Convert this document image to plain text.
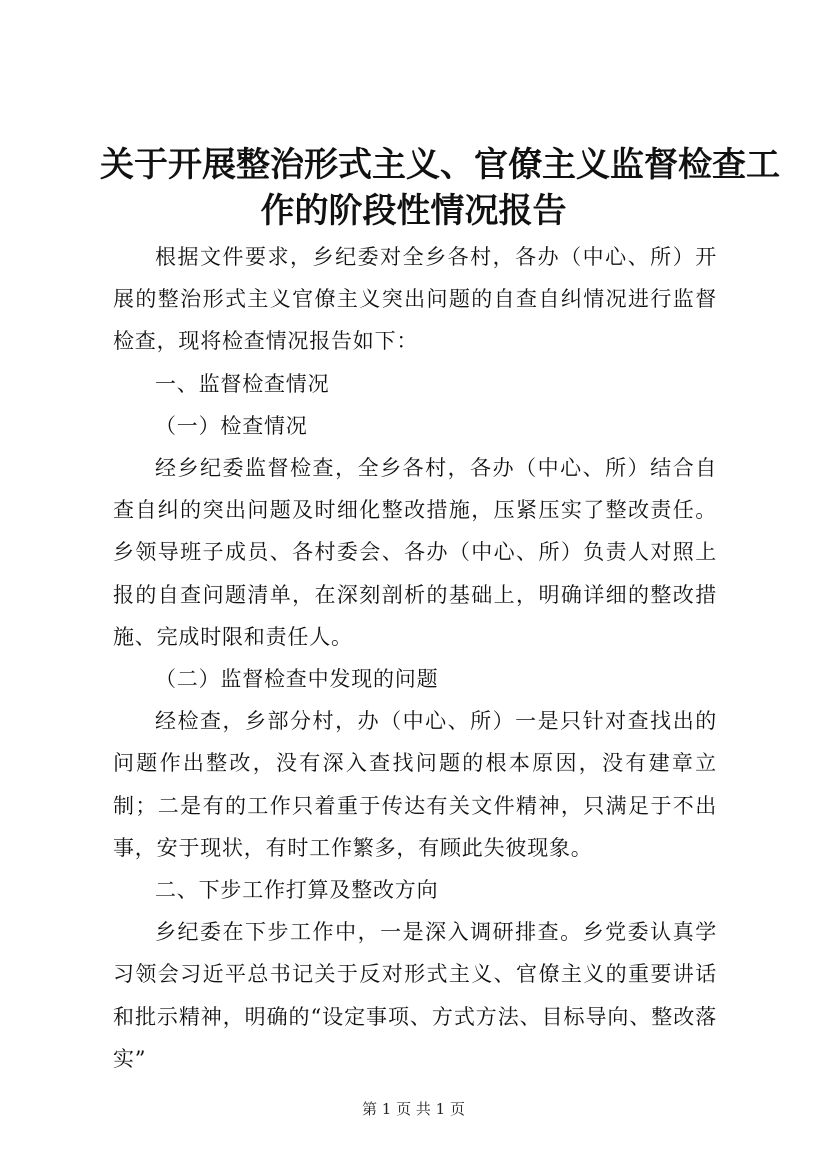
关于开展整治形式主义、官僚主义监督检查工
作的阶段性情况报告

根据文件要求，乡纪委对全乡各村，各办（中心、所）开展的整治形式主义官僚主义突出问题的自查自纠情况进行监督检查，现将检查情况报告如下：

一、监督检查情况

（一）检查情况

经乡纪委监督检查，全乡各村，各办（中心、所）结合自查自纠的突出问题及时细化整改措施，压紧压实了整改责任。乡领导班子成员、各村委会、各办（中心、所）负责人对照上报的自查问题清单，在深刻剖析的基础上，明确详细的整改措施、完成时限和责任人。

（二）监督检查中发现的问题

经检查，乡部分村，办（中心、所）一是只针对查找出的问题作出整改，没有深入查找问题的根本原因，没有建章立制；二是有的工作只着重于传达有关文件精神，只满足于不出事，安于现状，有时工作繁多，有顾此失彼现象。

二、下步工作打算及整改方向

乡纪委在下步工作中，一是深入调研排查。乡党委认真学习领会习近平总书记关于反对形式主义、官僚主义的重要讲话和批示精神，明确的“设定事项、方式方法、目标导向、整改落实”

第 1 页 共 1 页
